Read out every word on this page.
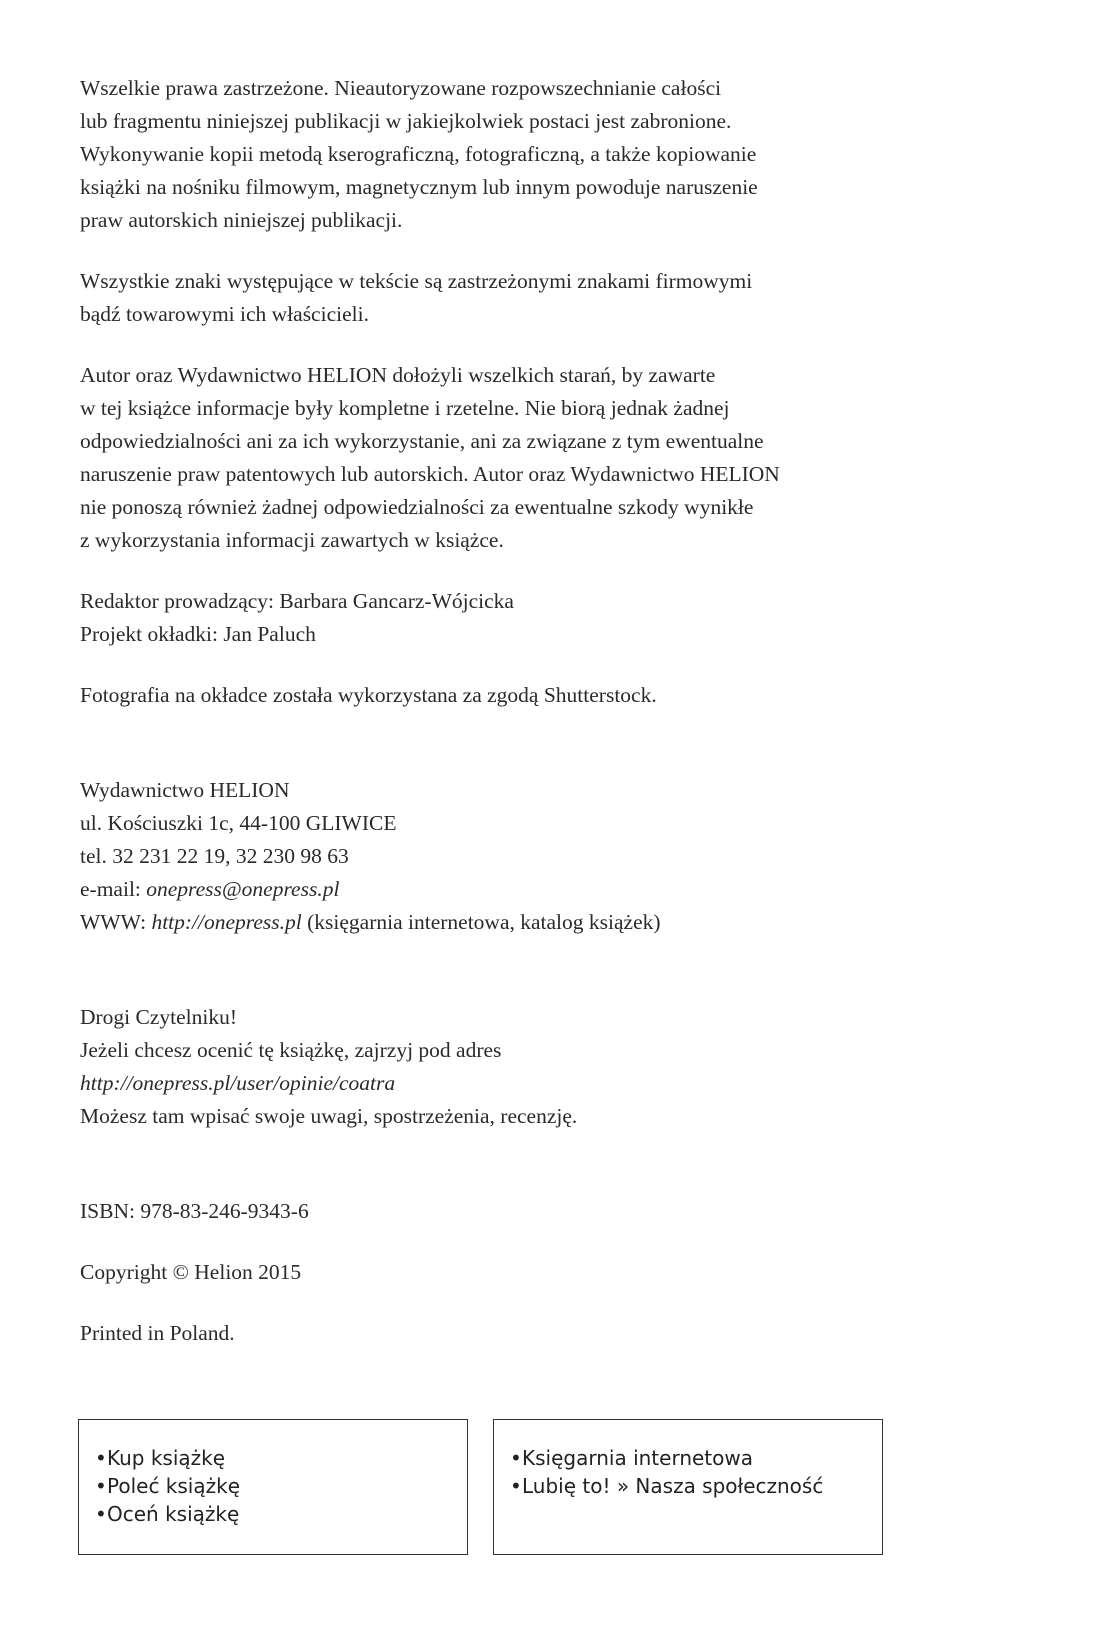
Wszelkie prawa zastrzeżone. Nieautoryzowane rozpowszechnianie całości
lub fragmentu niniejszej publikacji w jakiejkolwiek postaci jest zabronione.
Wykonywanie kopii metodą kserograficzną, fotograficzną, a także kopiowanie
książki na nośniku filmowym, magnetycznym lub innym powoduje naruszenie
praw autorskich niniejszej publikacji.

Wszystkie znaki występujące w tekście są zastrzeżonymi znakami firmowymi
bądź towarowymi ich właścicieli.

Autor oraz Wydawnictwo HELION dołożyli wszelkich starań, by zawarte
w tej książce informacje były kompletne i rzetelne. Nie biorą jednak żadnej
odpowiedzialności ani za ich wykorzystanie, ani za związane z tym ewentualne
naruszenie praw patentowych lub autorskich. Autor oraz Wydawnictwo HELION
nie ponoszą również żadnej odpowiedzialności za ewentualne szkody wynikłe
z wykorzystania informacji zawartych w książce.

Redaktor prowadzący: Barbara Gancarz-Wójcicka
Projekt okładki: Jan Paluch

Fotografia na okładce została wykorzystana za zgodą Shutterstock.

Wydawnictwo HELION
ul. Kościuszki 1c, 44-100 GLIWICE
tel. 32 231 22 19, 32 230 98 63
e-mail: onepress@onepress.pl
WWW: http://onepress.pl (księgarnia internetowa, katalog książek)

Drogi Czytelniku!
Jeżeli chcesz ocenić tę książkę, zajrzyj pod adres
http://onepress.pl/user/opinie/coatra
Możesz tam wpisać swoje uwagi, spostrzeżenia, recenzję.

ISBN: 978-83-246-9343-6

Copyright © Helion 2015

Printed in Poland.

• Kup książkę
• Poleć książkę
• Oceń książkę
• Księgarnia internetowa
• Lubię to! » Nasza społeczność
